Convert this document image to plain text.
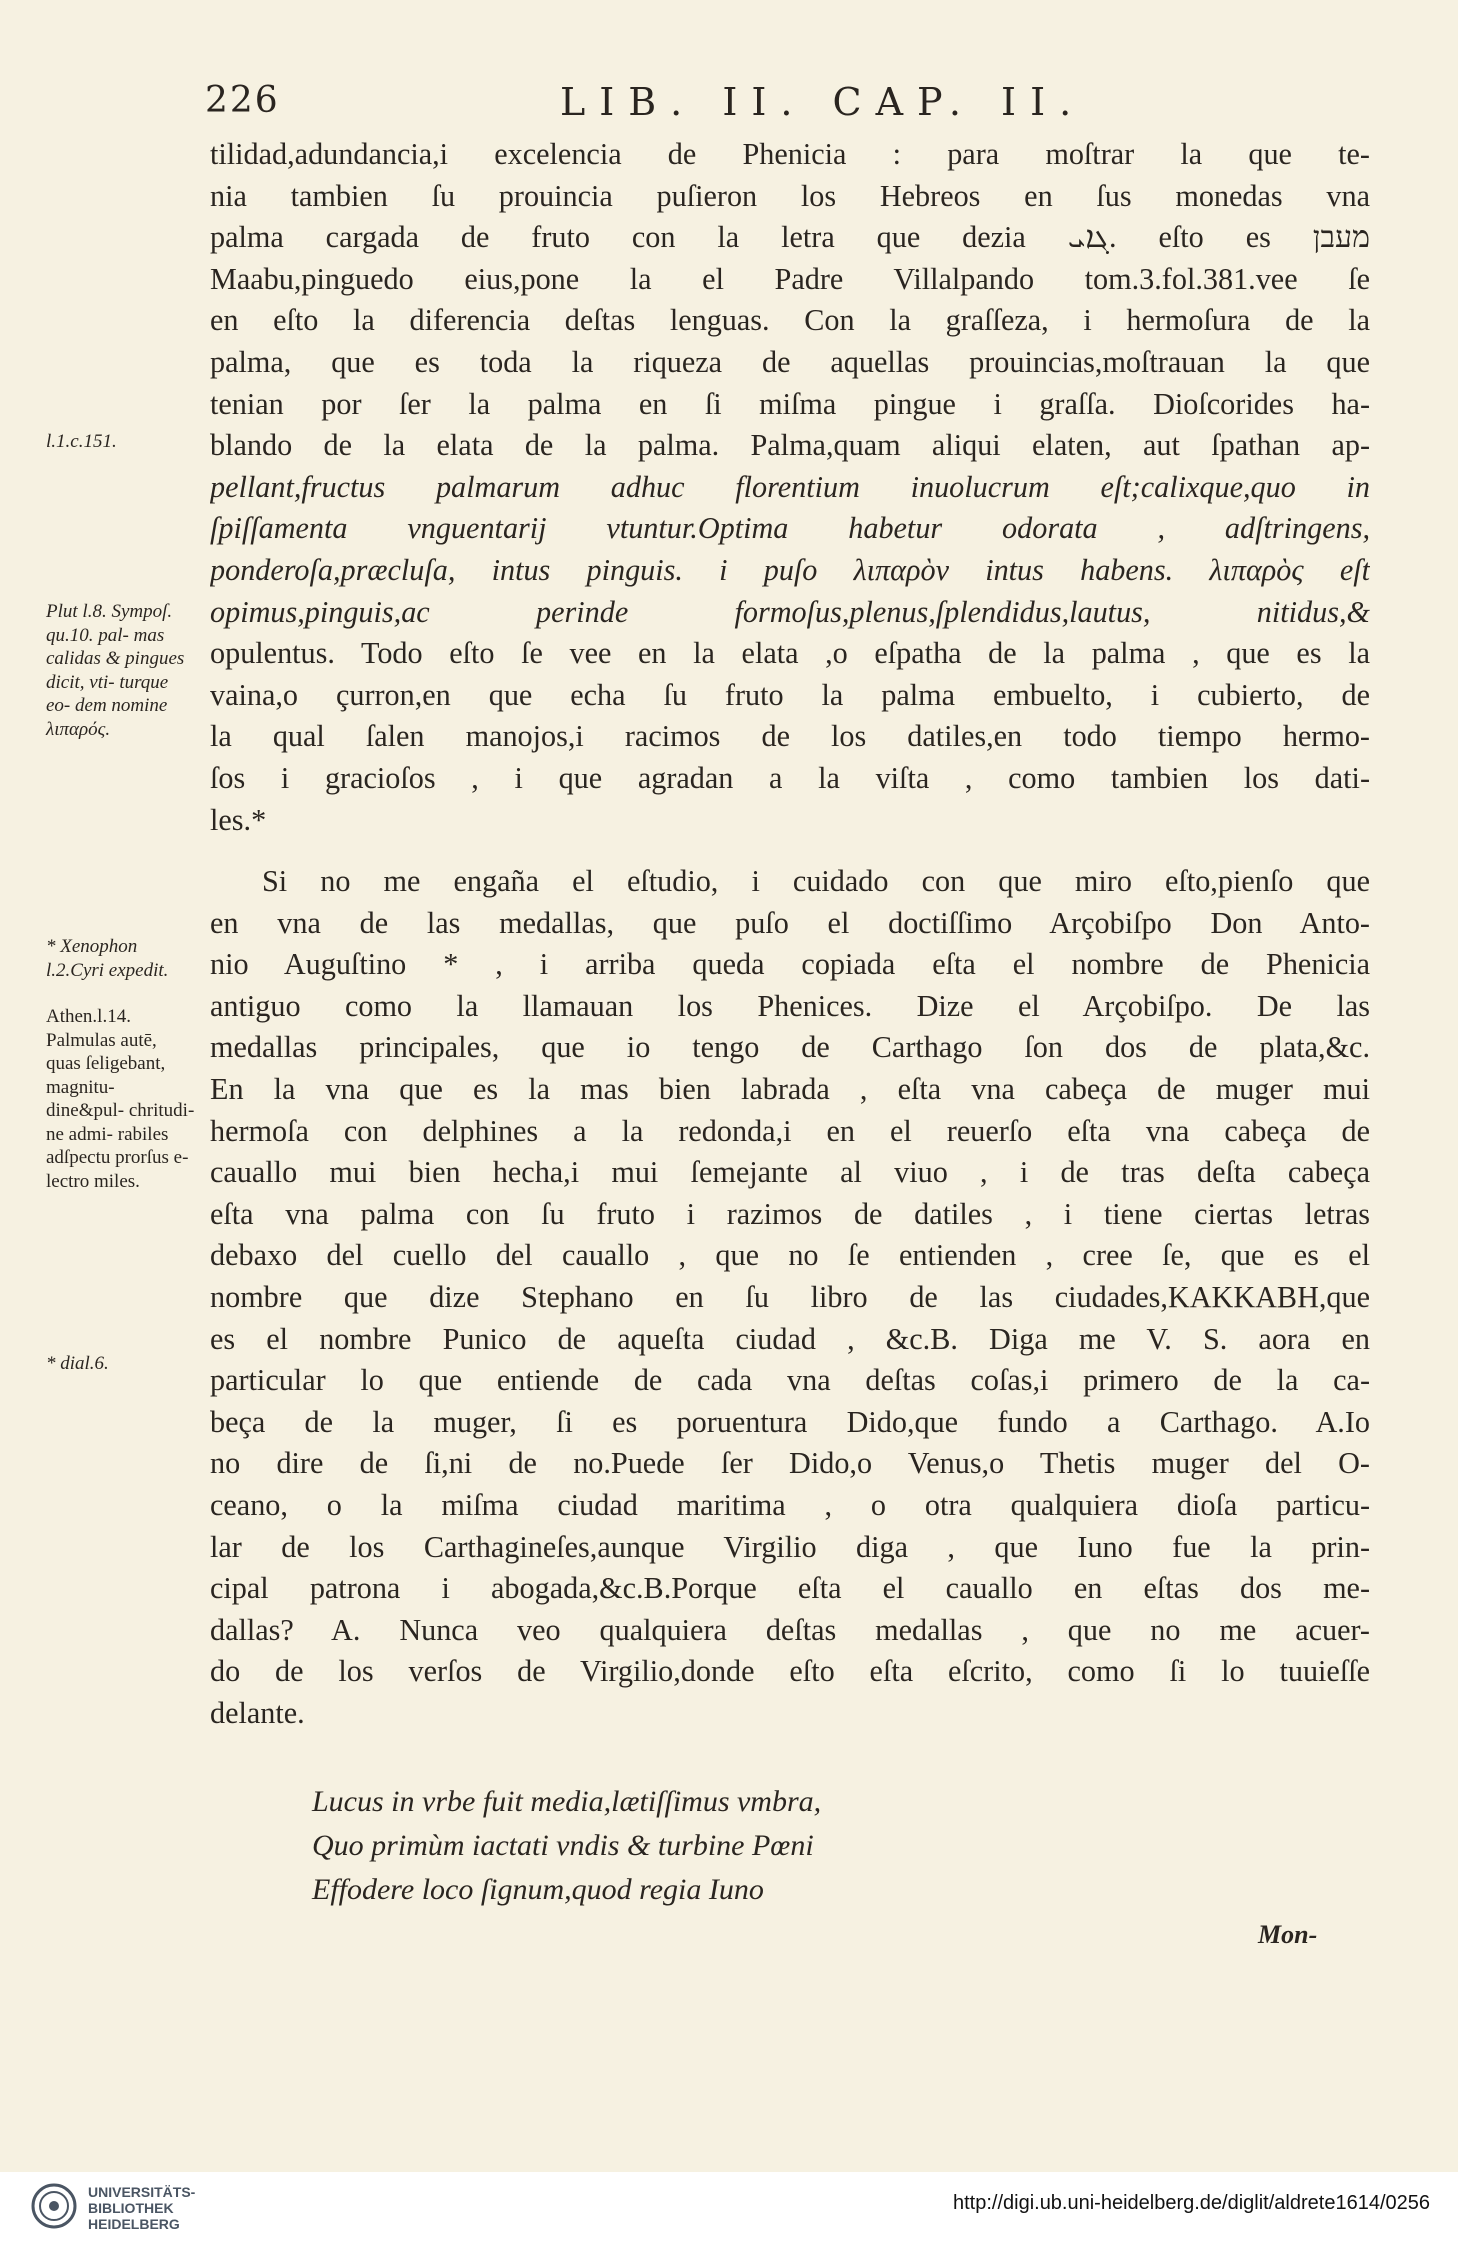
226	LIB. II. CAP. II.
tilidad,adundancia,i excelencia de Phenicia : para moſtrar la que te-
nia tambien ſu prouincia puſieron los Hebreos en ſus monedas vna
palma cargada de fruto con la letra que dezia ܓܐܝ. eſto es מעבן
Maabu,pinguedo eius,pone la el Padre Villalpando tom.3.fol.381.vee ſe
en eſto la diferencia deſtas lenguas. Con la graſſeza, i hermoſura de la
palma, que es toda la riqueza de aquellas prouincias,moſtrauan la que
tenian por ſer la palma en ſi miſma pingue i graſſa. Dioſcorides ha-
blando de la elata de la palma. Palma,quam aliqui elaten, aut ſpathan ap-
pellant,fructus palmarum adhuc florentium inuolucrum eſt;calixque,quo in
ſpiſſamenta vnguentarij vtuntur.Optima habetur odorata , adſtringens,
ponderoſa,præcluſa, intus pinguis. i puſo λιπαρὸν intus habens. λιπαρὸς eſt
opimus,pinguis,ac perinde formoſus,plenus,ſplendidus,lautus, nitidus,&
opulentus. Todo eſto ſe vee en la elata ,o eſpatha de la palma , que es la
vaina,o çurron,en que echa ſu fruto la palma embuelto, i cubierto, de
la qual ſalen manojos,i racimos de los datiles,en todo tiempo hermo-
ſos i gracioſos , i que agradan a la viſta , como tambien los dati-
les.*
Si no me engaña el eſtudio, i cuidado con que miro eſto,pienſo que
en vna de las medallas, que puſo el doctiſſimo Arçobiſpo Don Anto-
nio Auguſtino * , i arriba queda copiada eſta el nombre de Phenicia
antiguo como la llamauan los Phenices. Dize el Arçobiſpo. De las
medallas principales, que io tengo de Carthago ſon dos de plata,&c.
En la vna que es la mas bien labrada , eſta vna cabeça de muger mui
hermoſa con delphines a la redonda,i en el reuerſo eſta vna cabeça de
cauallo mui bien hecha,i mui ſemejante al viuo , i de tras deſta cabeça
eſta vna palma con ſu fruto i razimos de datiles , i tiene ciertas letras
debaxo del cuello del cauallo , que no ſe entienden , cree ſe, que es el
nombre que dize Stephano en ſu libro de las ciudades,ΚΑΚΚΑΒΗ,que
es el nombre Punico de aqueſta ciudad , &c.B. Diga me V. S. aora en
particular lo que entiende de cada vna deſtas coſas,i primero de la ca-
beça de la muger, ſi es poruentura Dido,que fundo a Carthago. A.Io
no dire de ſi,ni de no.Puede ſer Dido,o Venus,o Thetis muger del O-
ceano, o la miſma ciudad maritima , o otra qualquiera dioſa particu-
lar de los Carthagineſes,aunque Virgilio diga , que Iuno fue la prin-
cipal patrona i abogada,&c.B.Porque eſta el cauallo en eſtas dos me-
dallas? A. Nunca veo qualquiera deſtas medallas , que no me acuer-
do de los verſos de Virgilio,donde eſto eſta eſcrito, como ſi lo tuuieſſe
delante.
Lucus in vrbe fuit media,lætiſſimus vmbra,
Quo primùm iactati vndis & turbine Pœni
Effodere loco ſignum,quod regia Iuno
Mon-
l.1.c.151.
Plut l.8. Sympoſ. qu.10. pal- mas calidas & pingues dicit, vti- turque eo- dem nomine λιπαρός.
* Xenophon l.2.Cyri expedit.
Athen.l.14. Palmulas autē, quas ſeligebant, magnitu- dine&pul- chritudi- ne admi- rabiles adſpectu prorſus e- lectro miles.
* dial.6.
UNIVERSITÄTS-
BIBLIOTHEK
HEIDELBERG
http://digi.ub.uni-heidelberg.de/diglit/aldrete1614/0256
